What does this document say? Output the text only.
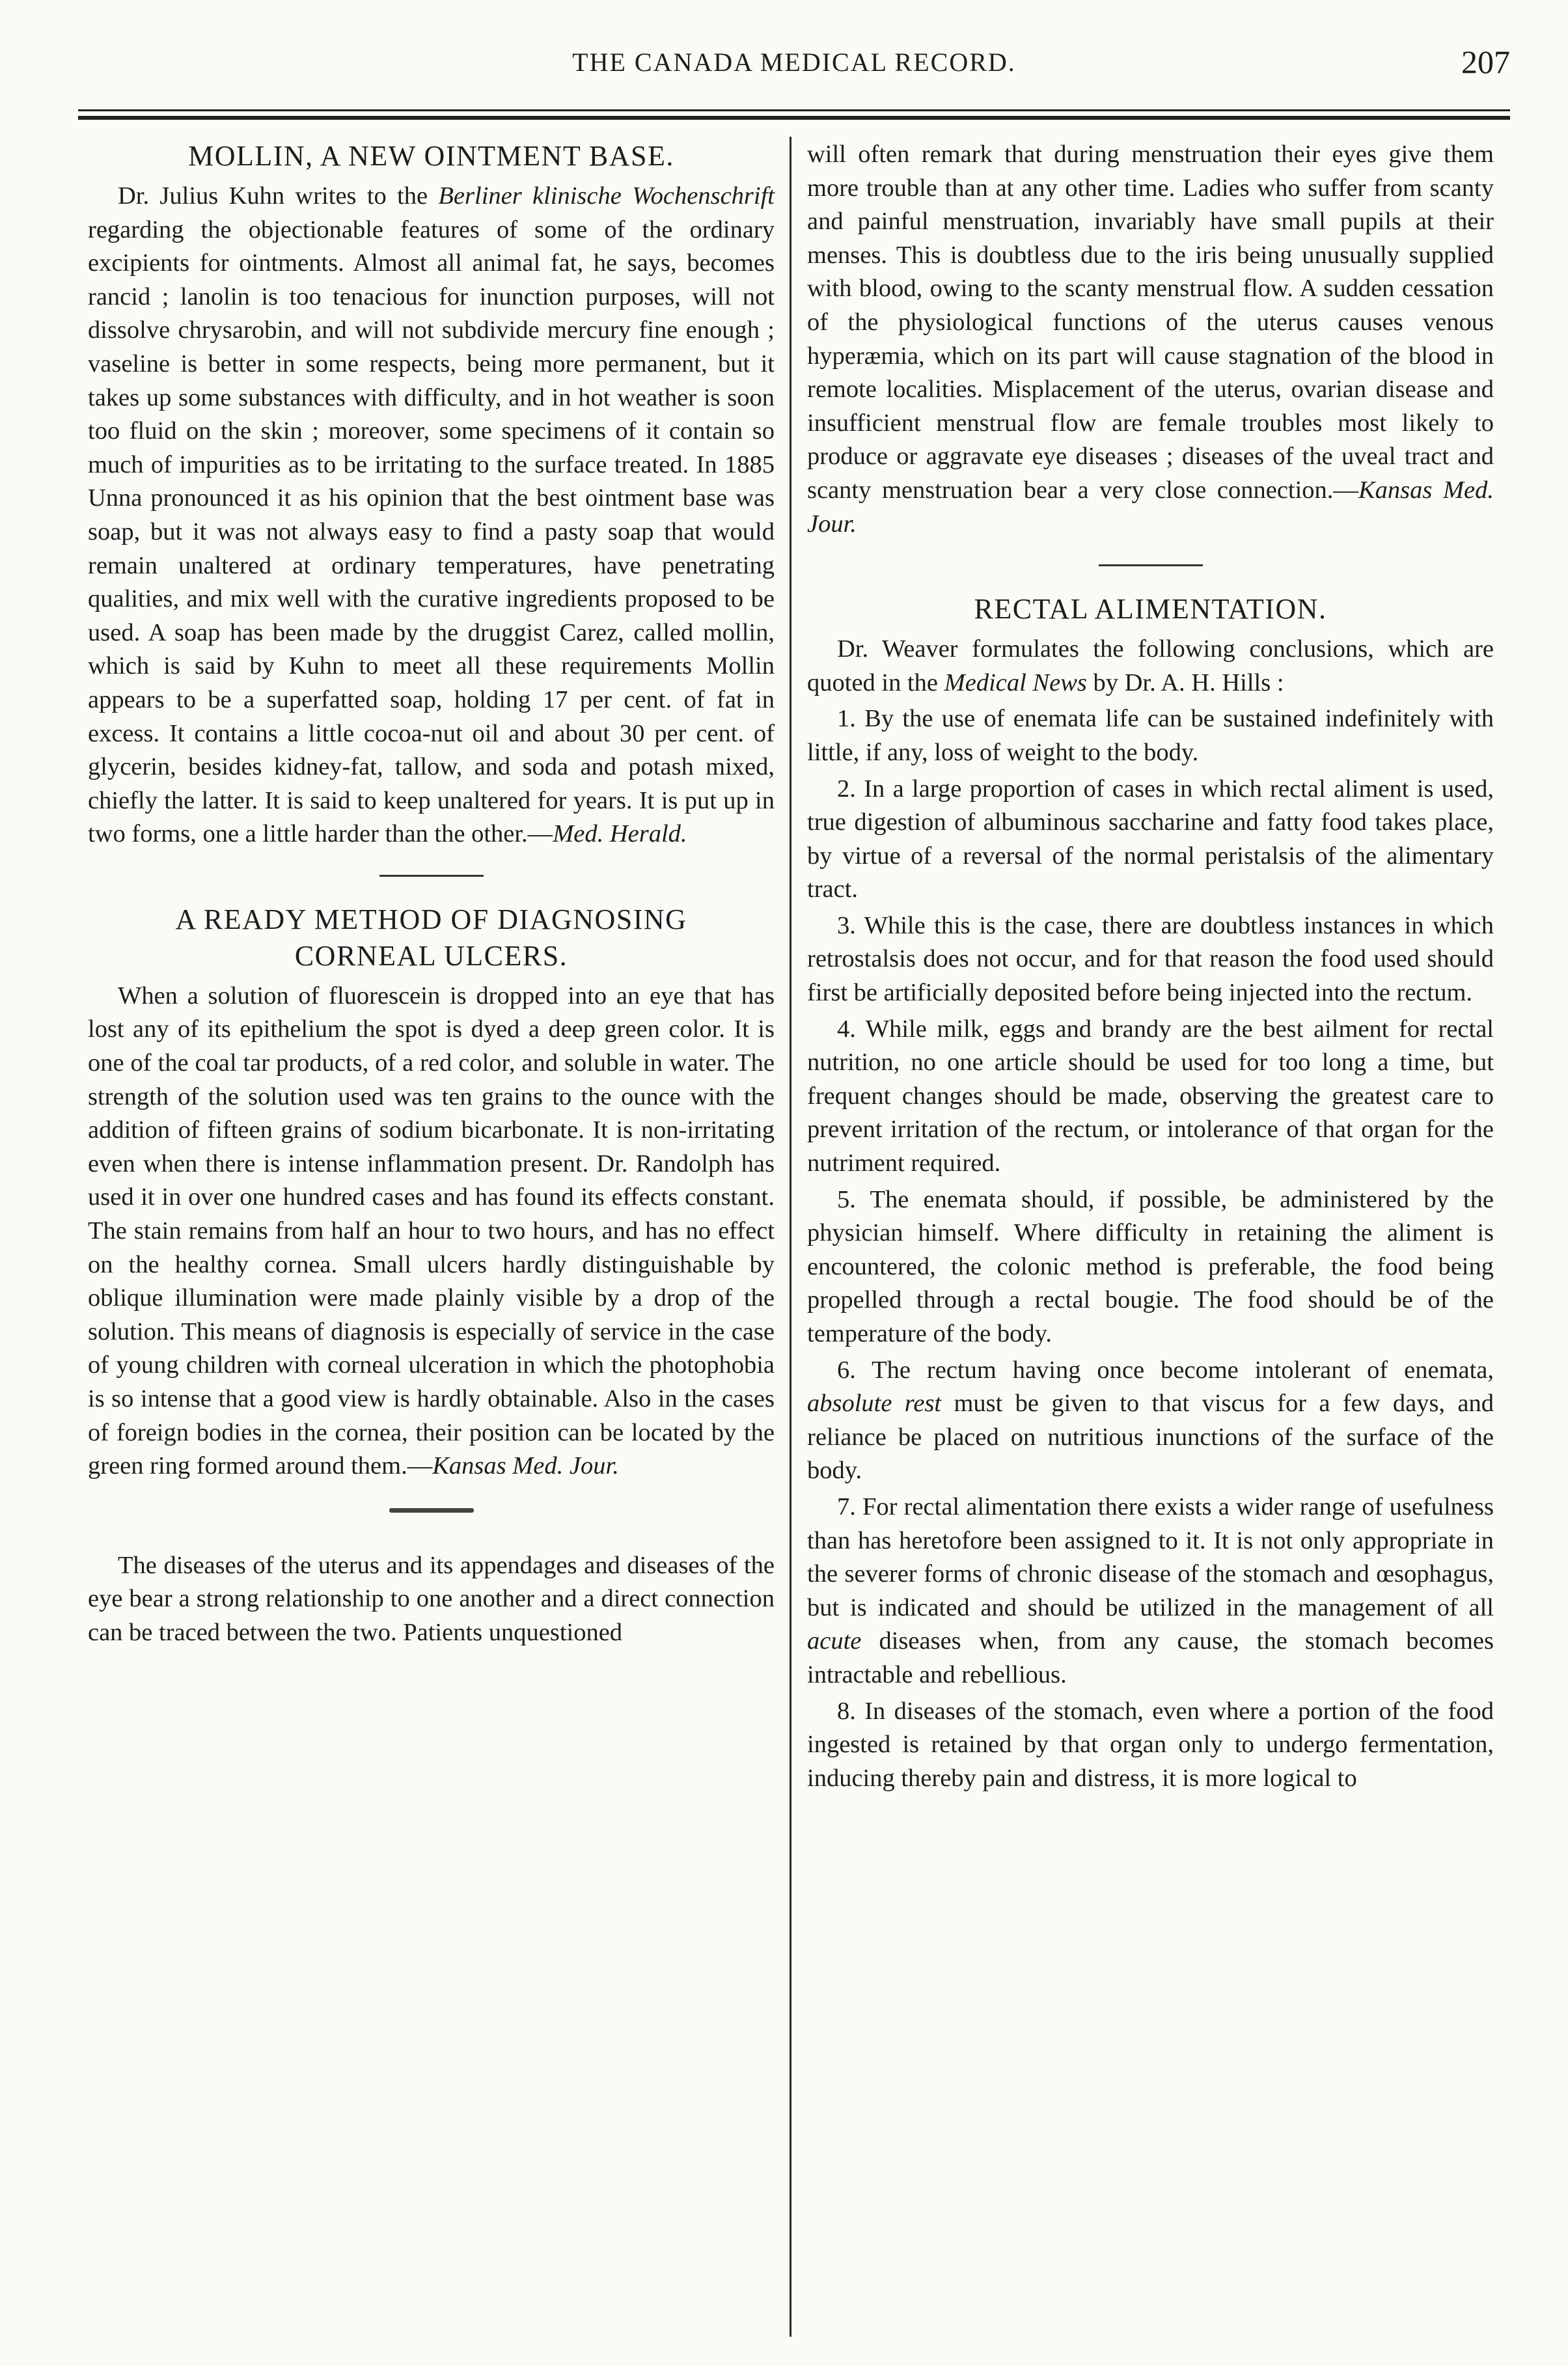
THE CANADA MEDICAL RECORD.	207
MOLLIN, A NEW OINTMENT BASE.

Dr. Julius Kuhn writes to the Berliner klinische Wochenschrift regarding the objectionable features of some of the ordinary excipients for ointments. Almost all animal fat, he says, becomes rancid ; lanolin is too tenacious for inunction purposes, will not dissolve chrysarobin, and will not subdivide mercury fine enough ; vaseline is better in some respects, being more permanent, but it takes up some substances with difficulty, and in hot weather is soon too fluid on the skin ; moreover, some specimens of it contain so much of impurities as to be irritating to the surface treated. In 1885 Unna pronounced it as his opinion that the best ointment base was soap, but it was not always easy to find a pasty soap that would remain unaltered at ordinary temperatures, have penetrating qualities, and mix well with the curative ingredients proposed to be used. A soap has been made by the druggist Carez, called mollin, which is said by Kuhn to meet all these requirements Mollin appears to be a superfatted soap, holding 17 per cent. of fat in excess. It contains a little cocoa-nut oil and about 30 per cent. of glycerin, besides kidney-fat, tallow, and soda and potash mixed, chiefly the latter. It is said to keep unaltered for years. It is put up in two forms, one a little harder than the other.—Med. Herald.

A READY METHOD OF DIAGNOSING
CORNEAL ULCERS.

When a solution of fluorescein is dropped into an eye that has lost any of its epithelium the spot is dyed a deep green color. It is one of the coal tar products, of a red color, and soluble in water. The strength of the solution used was ten grains to the ounce with the addition of fifteen grains of sodium bicarbonate. It is non-irritating even when there is intense inflammation present. Dr. Randolph has used it in over one hundred cases and has found its effects constant. The stain remains from half an hour to two hours, and has no effect on the healthy cornea. Small ulcers hardly distinguishable by oblique illumination were made plainly visible by a drop of the solution. This means of diagnosis is especially of service in the case of young children with corneal ulceration in which the photophobia is so intense that a good view is hardly obtainable. Also in the cases of foreign bodies in the cornea, their position can be located by the green ring formed around them.—Kansas Med. Jour.

The diseases of the uterus and its appendages and diseases of the eye bear a strong relationship to one another and a direct connection can be traced between the two. Patients unquestioned

will often remark that during menstruation their eyes give them more trouble than at any other time. Ladies who suffer from scanty and painful menstruation, invariably have small pupils at their menses. This is doubtless due to the iris being unusually supplied with blood, owing to the scanty menstrual flow. A sudden cessation of the physiological functions of the uterus causes venous hyperæmia, which on its part will cause stagnation of the blood in remote localities. Misplacement of the uterus, ovarian disease and insufficient menstrual flow are female troubles most likely to produce or aggravate eye diseases ; diseases of the uveal tract and scanty menstruation bear a very close connection.—Kansas Med. Jour.

RECTAL ALIMENTATION.

Dr. Weaver formulates the following conclusions, which are quoted in the Medical News by Dr. A. H. Hills :

1. By the use of enemata life can be sustained indefinitely with little, if any, loss of weight to the body.

2. In a large proportion of cases in which rectal aliment is used, true digestion of albuminous saccharine and fatty food takes place, by virtue of a reversal of the normal peristalsis of the alimentary tract.

3. While this is the case, there are doubtless instances in which retrostalsis does not occur, and for that reason the food used should first be artificially deposited before being injected into the rectum.

4. While milk, eggs and brandy are the best ailment for rectal nutrition, no one article should be used for too long a time, but frequent changes should be made, observing the greatest care to prevent irritation of the rectum, or intolerance of that organ for the nutriment required.

5. The enemata should, if possible, be administered by the physician himself. Where difficulty in retaining the aliment is encountered, the colonic method is preferable, the food being propelled through a rectal bougie. The food should be of the temperature of the body.

6. The rectum having once become intolerant of enemata, absolute rest must be given to that viscus for a few days, and reliance be placed on nutritious inunctions of the surface of the body.

7. For rectal alimentation there exists a wider range of usefulness than has heretofore been assigned to it. It is not only appropriate in the severer forms of chronic disease of the stomach and œsophagus, but is indicated and should be utilized in the management of all acute diseases when, from any cause, the stomach becomes intractable and rebellious.

8. In diseases of the stomach, even where a portion of the food ingested is retained by that organ only to undergo fermentation, inducing thereby pain and distress, it is more logical to
